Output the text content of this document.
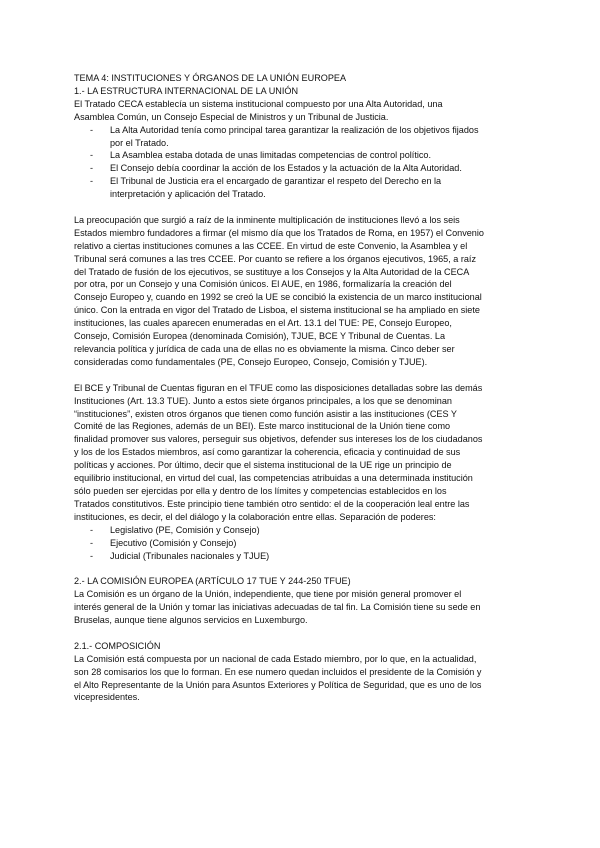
TEMA 4: INSTITUCIONES Y ÓRGANOS DE LA UNIÓN EUROPEA
1.- LA ESTRUCTURA INTERNACIONAL DE LA UNIÓN
El Tratado CECA establecía un sistema institucional compuesto por una Alta Autoridad, una
Asamblea Común, un Consejo Especial de Ministros y un Tribunal de Justicia.
- La Alta Autoridad tenía como principal tarea garantizar la realización de los objetivos fijados
por el Tratado.
- La Asamblea estaba dotada de unas limitadas competencias de control político.
- El Consejo debía coordinar la acción de los Estados y la actuación de la Alta Autoridad.
- El Tribunal de Justicia era el encargado de garantizar el respeto del Derecho en la
interpretación y aplicación del Tratado.
La preocupación que surgió a raíz de la inminente multiplicación de instituciones llevó a los seis
Estados miembro fundadores a firmar (el mismo día que los Tratados de Roma, en 1957) el Convenio
relativo a ciertas instituciones comunes a las CCEE. En virtud de este Convenio, la Asamblea y el
Tribunal será comunes a las tres CCEE. Por cuanto se refiere a los órganos ejecutivos, 1965, a raíz
del Tratado de fusión de los ejecutivos, se sustituye a los Consejos y la Alta Autoridad de la CECA
por otra, por un Consejo y una Comisión únicos. El AUE, en 1986, formalizaría la creación del
Consejo Europeo y, cuando en 1992 se creó la UE se concibió la existencia de un marco institucional
único. Con la entrada en vigor del Tratado de Lisboa, el sistema institucional se ha ampliado en siete
instituciones, las cuales aparecen enumeradas en el Art. 13.1 del TUE: PE, Consejo Europeo,
Consejo, Comisión Europea (denominada Comisión), TJUE, BCE Y Tribunal de Cuentas. La
relevancia política y jurídica de cada una de ellas no es obviamente la misma. Cinco deber ser
consideradas como fundamentales (PE, Consejo Europeo, Consejo, Comisión y TJUE).
El BCE y Tribunal de Cuentas figuran en el TFUE como las disposiciones detalladas sobre las demás
Instituciones (Art. 13.3 TUE). Junto a estos siete órganos principales, a los que se denominan
“instituciones”, existen otros órganos que tienen como función asistir a las instituciones (CES Y
Comité de las Regiones, además de un BEI). Este marco institucional de la Unión tiene como
finalidad promover sus valores, perseguir sus objetivos, defender sus intereses los de los ciudadanos
y los de los Estados miembros, así como garantizar la coherencia, eficacia y continuidad de sus
políticas y acciones. Por último, decir que el sistema institucional de la UE rige un principio de
equilibrio institucional, en virtud del cual, las competencias atribuidas a una determinada institución
sólo pueden ser ejercidas por ella y dentro de los límites y competencias establecidos en los
Tratados constitutivos. Este principio tiene también otro sentido: el de la cooperación leal entre las
instituciones, es decir, el del diálogo y la colaboración entre ellas. Separación de poderes:
- Legislativo (PE, Comisión y Consejo)
- Ejecutivo (Comisión y Consejo)
- Judicial (Tribunales nacionales y TJUE)
2.- LA COMISIÓN EUROPEA (ARTÍCULO 17 TUE Y 244-250 TFUE)
La Comisión es un órgano de la Unión, independiente, que tiene por misión general promover el
interés general de la Unión y tomar las iniciativas adecuadas de tal fin. La Comisión tiene su sede en
Bruselas, aunque tiene algunos servicios en Luxemburgo.
2.1.- COMPOSICIÓN
La Comisión está compuesta por un nacional de cada Estado miembro, por lo que, en la actualidad,
son 28 comisarios los que lo forman. En ese numero quedan incluidos el presidente de la Comisión y
el Alto Representante de la Unión para Asuntos Exteriores y Política de Seguridad, que es uno de los
vicepresidentes.
